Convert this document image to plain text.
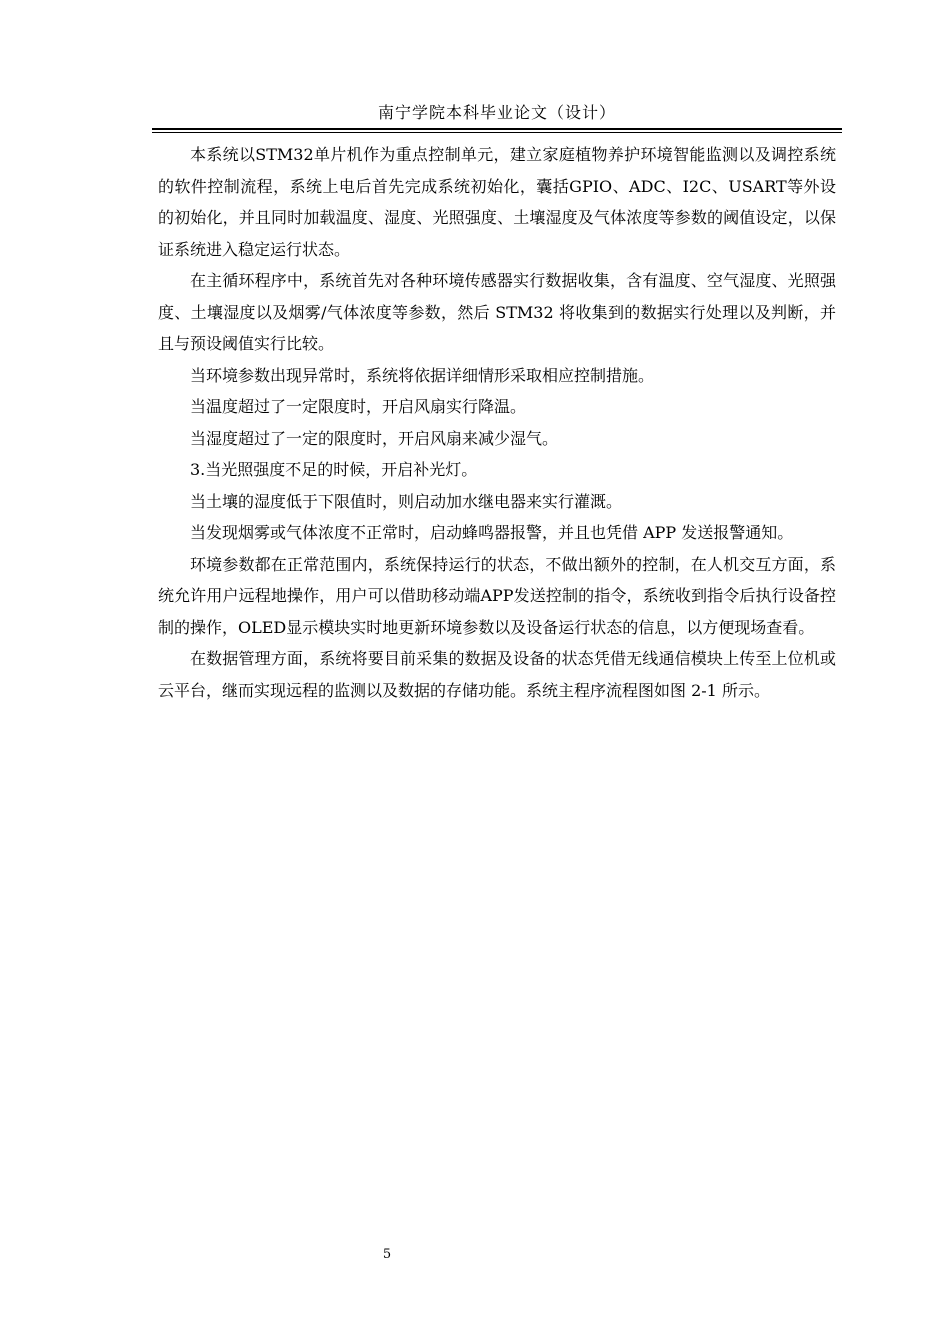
南宁学院本科毕业论文（设计）

本系统以STM32单片机作为重点控制单元，建立家庭植物养护环境智能监测以及调控系统的软件控制流程，系统上电后首先完成系统初始化，囊括GPIO、ADC、I2C、USART等外设的初始化，并且同时加载温度、湿度、光照强度、土壤湿度及气体浓度等参数的阈值设定，以保证系统进入稳定运行状态。

在主循环程序中，系统首先对各种环境传感器实行数据收集，含有温度、空气湿度、光照强度、土壤湿度以及烟雾/气体浓度等参数，然后 STM32 将收集到的数据实行处理以及判断，并且与预设阈值实行比较。

当环境参数出现异常时，系统将依据详细情形采取相应控制措施。

当温度超过了一定限度时，开启风扇实行降温。

当湿度超过了一定的限度时，开启风扇来减少湿气。

3.当光照强度不足的时候，开启补光灯。

当土壤的湿度低于下限值时，则启动加水继电器来实行灌溉。

当发现烟雾或气体浓度不正常时，启动蜂鸣器报警，并且也凭借 APP 发送报警通知。

环境参数都在正常范围内，系统保持运行的状态，不做出额外的控制，在人机交互方面，系统允许用户远程地操作，用户可以借助移动端APP发送控制的指令，系统收到指令后执行设备控制的操作，OLED显示模块实时地更新环境参数以及设备运行状态的信息，以方便现场查看。

在数据管理方面，系统将要目前采集的数据及设备的状态凭借无线通信模块上传至上位机或云平台，继而实现远程的监测以及数据的存储功能。系统主程序流程图如图 2-1 所示。

5
